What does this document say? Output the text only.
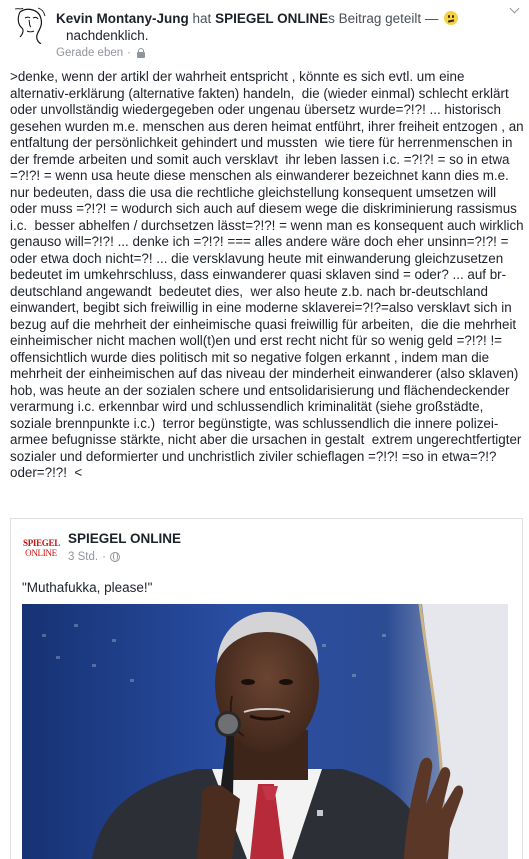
Kevin Montany-Jung hat SPIEGEL ONLINEs Beitrag geteilt —
nachdenklich.
Gerade eben ·
>denke, wenn der artikl der wahrheit entspricht , könnte es sich evtl. um eine alternativ-erklärung (alternative fakten) handeln,  die (wieder einmal) schlecht erklärt oder unvollständig wiedergegeben oder ungenau übersetz wurde=?!?! ... historisch gesehen wurden m.e. menschen aus deren heimat entführt, ihrer freiheit entzogen , an entfaltung der persönlichkeit gehindert und mussten  wie tiere für herrenmenschen in der fremde arbeiten und somit auch versklavt  ihr leben lassen i.c. =?!?! = so in etwa =?!?! = wenn usa heute diese menschen als einwanderer bezeichnet kann dies m.e. nur bedeuten, dass die usa die rechtliche gleichstellung konsequent umsetzen will oder muss =?!?! = wodurch sich auch auf diesem wege die diskriminierung rassismus i.c.  besser abhelfen / durchsetzen lässt=?!?! = wenn man es konsequent auch wirklich genauso will=?!?! ... denke ich =?!?! === alles andere wäre doch eher unsinn=?!?! = oder etwa doch nicht=?! ... die versklavung heute mit einwanderung gleichzusetzen bedeutet im umkehrschluss, dass einwanderer quasi sklaven sind = oder? ... auf br-deutschland angewandt  bedeutet dies,  wer also heute z.b. nach br-deutschland einwandert, begibt sich freiwillig in eine moderne sklaverei=?!?=also versklavt sich in bezug auf die mehrheit der einheimische quasi freiwillig für arbeiten,  die die mehrheit einheimischer nicht machen woll(t)en und erst recht nicht für so wenig geld =?!?! != offensichtlich wurde dies politisch mit so negative folgen erkannt , indem man die mehrheit der einheimischen auf das niveau der minderheit einwanderer (also sklaven) hob, was heute an der sozialen schere und entsolidarisierung und flächendeckender verarmung i.c. erkennbar wird und schlussendlich kriminalität (siehe großstädte, soziale brennpunkte i.c.)  terror begünstigte, was schlussendlich die innere polizei-armee befugnisse stärkte, nicht aber die ursachen in gestalt  extrem ungerechtfertigter sozialer und deformierter und unchristlich ziviler schieflagen =?!?! =so in etwa=?!? oder=?!?!  <
SPIEGEL
ONLINE
SPIEGEL ONLINE
3 Std. ·
"Muthafukka, please!"
